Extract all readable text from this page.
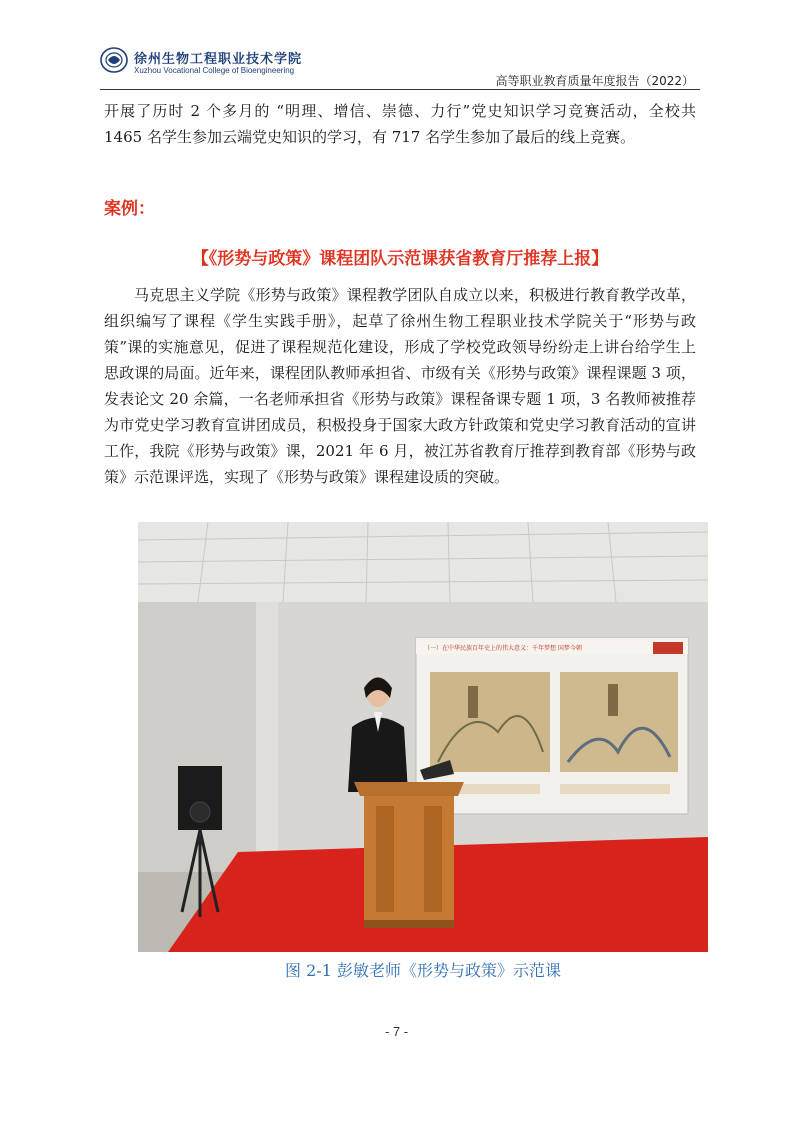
徐州生物工程职业技术学院
Xuzhou Vocational College of Bioengineering
高等职业教育质量年度报告（2022）

开展了历时 2 个多月的 “明理、增信、崇德、力行”党史知识学习竞赛活动，全校共 1465 名学生参加云端党史知识的学习，有 717 名学生参加了最后的线上竞赛。

案例：
【《形势与政策》课程团队示范课获省教育厅推荐上报】

马克思主义学院《形势与政策》课程教学团队自成立以来，积极进行教育教学改革，组织编写了课程《学生实践手册》，起草了徐州生物工程职业技术学院关于“形势与政策”课的实施意见，促进了课程规范化建设，形成了学校党政领导纷纷走上讲台给学生上思政课的局面。近年来，课程团队教师承担省、市级有关《形势与政策》课程课题 3 项，发表论文 20 余篇，一名老师承担省《形势与政策》课程备课专题 1 项，3 名教师被推荐为市党史学习教育宣讲团成员，积极投身于国家大政方针政策和党史学习教育活动的宣讲工作，我院《形势与政策》课，2021 年 6 月，被江苏省教育厅推荐到教育部《形势与政策》示范课评选，实现了《形势与政策》课程建设质的突破。

（一）在中华民族百年史上的伟大意义：千年梦想 国梦今朝
图 2-1 彭敏老师《形势与政策》示范课
- 7 -
